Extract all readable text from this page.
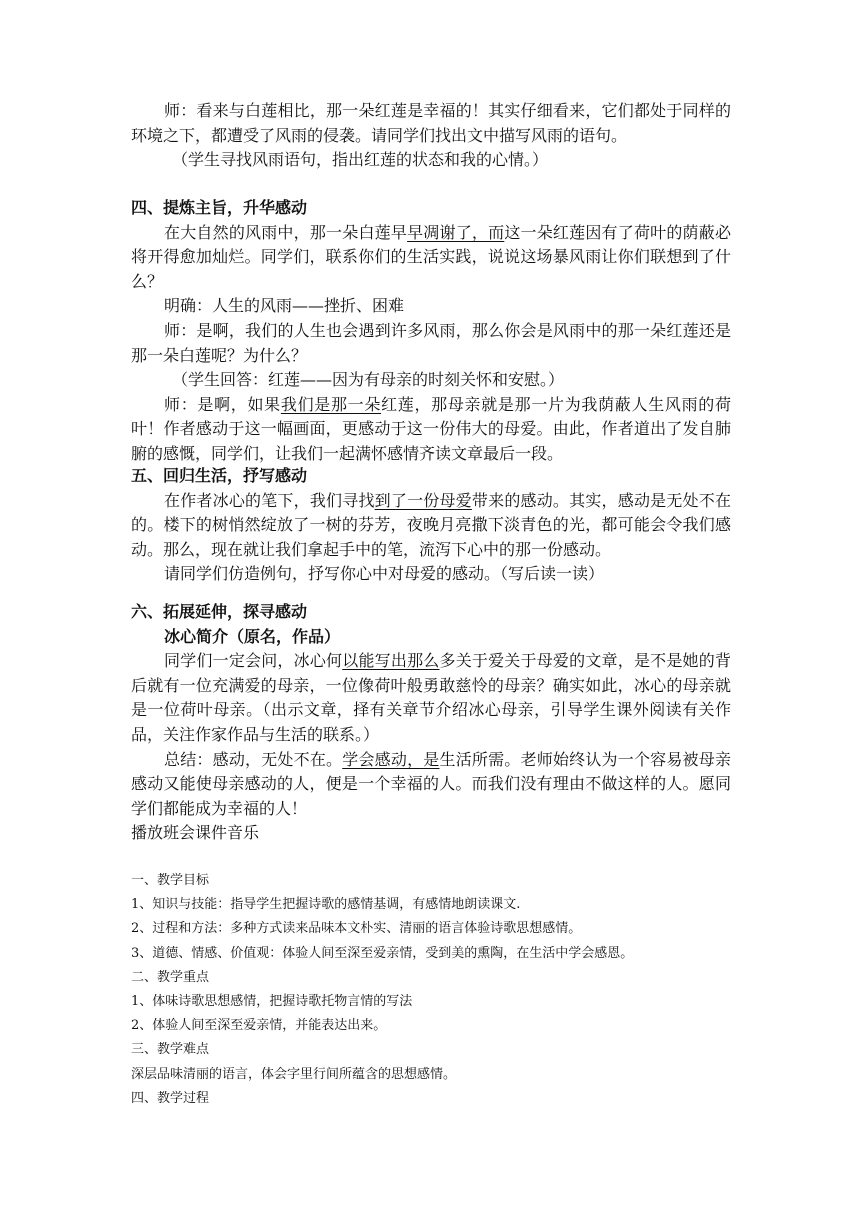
师：看来与白莲相比，那一朵红莲是幸福的！其实仔细看来，它们都处于同样的环境之下，都遭受了风雨的侵袭。请同学们找出文中描写风雨的语句。

（学生寻找风雨语句，指出红莲的状态和我的心情。）

四、提炼主旨，升华感动

在大自然的风雨中，那一朵白莲早早凋谢了，而这一朵红莲因有了荷叶的荫蔽必将开得愈加灿烂。同学们，联系你们的生活实践，说说这场暴风雨让你们联想到了什么？

明确：人生的风雨——挫折、困难

师：是啊，我们的人生也会遇到许多风雨，那么你会是风雨中的那一朵红莲还是那一朵白莲呢？为什么？

（学生回答：红莲——因为有母亲的时刻关怀和安慰。）

师：是啊，如果我们是那一朵红莲，那母亲就是那一片为我荫蔽人生风雨的荷叶！作者感动于这一幅画面，更感动于这一份伟大的母爱。由此，作者道出了发自肺腑的感慨，同学们，让我们一起满怀感情齐读文章最后一段。

五、回归生活，抒写感动

在作者冰心的笔下，我们寻找到了一份母爱带来的感动。其实，感动是无处不在的。楼下的树悄然绽放了一树的芬芳，夜晚月亮撒下淡青色的光，都可能会令我们感动。那么，现在就让我们拿起手中的笔，流泻下心中的那一份感动。

请同学们仿造例句，抒写你心中对母爱的感动。（写后读一读）

六、拓展延伸，探寻感动

冰心简介（原名，作品）

同学们一定会问，冰心何以能写出那么多关于爱关于母爱的文章，是不是她的背后就有一位充满爱的母亲，一位像荷叶般勇敢慈怜的母亲？确实如此，冰心的母亲就是一位荷叶母亲。（出示文章，择有关章节介绍冰心母亲，引导学生课外阅读有关作品，关注作家作品与生活的联系。）

总结：感动，无处不在。学会感动，是生活所需。老师始终认为一个容易被母亲感动又能使母亲感动的人，便是一个幸福的人。而我们没有理由不做这样的人。愿同学们都能成为幸福的人！

播放班会课件音乐

一、教学目标

1、知识与技能：指导学生把握诗歌的感情基调，有感情地朗读课文.

2、过程和方法：多种方式读来品味本文朴实、清丽的语言体验诗歌思想感情。

3、道德、情感、价值观：体验人间至深至爱亲情，受到美的熏陶，在生活中学会感恩。

二、教学重点

1、体味诗歌思想感情，把握诗歌托物言情的写法

2、体验人间至深至爱亲情，并能表达出来。

三、教学难点

深层品味清丽的语言，体会字里行间所蕴含的思想感情。

四、教学过程
